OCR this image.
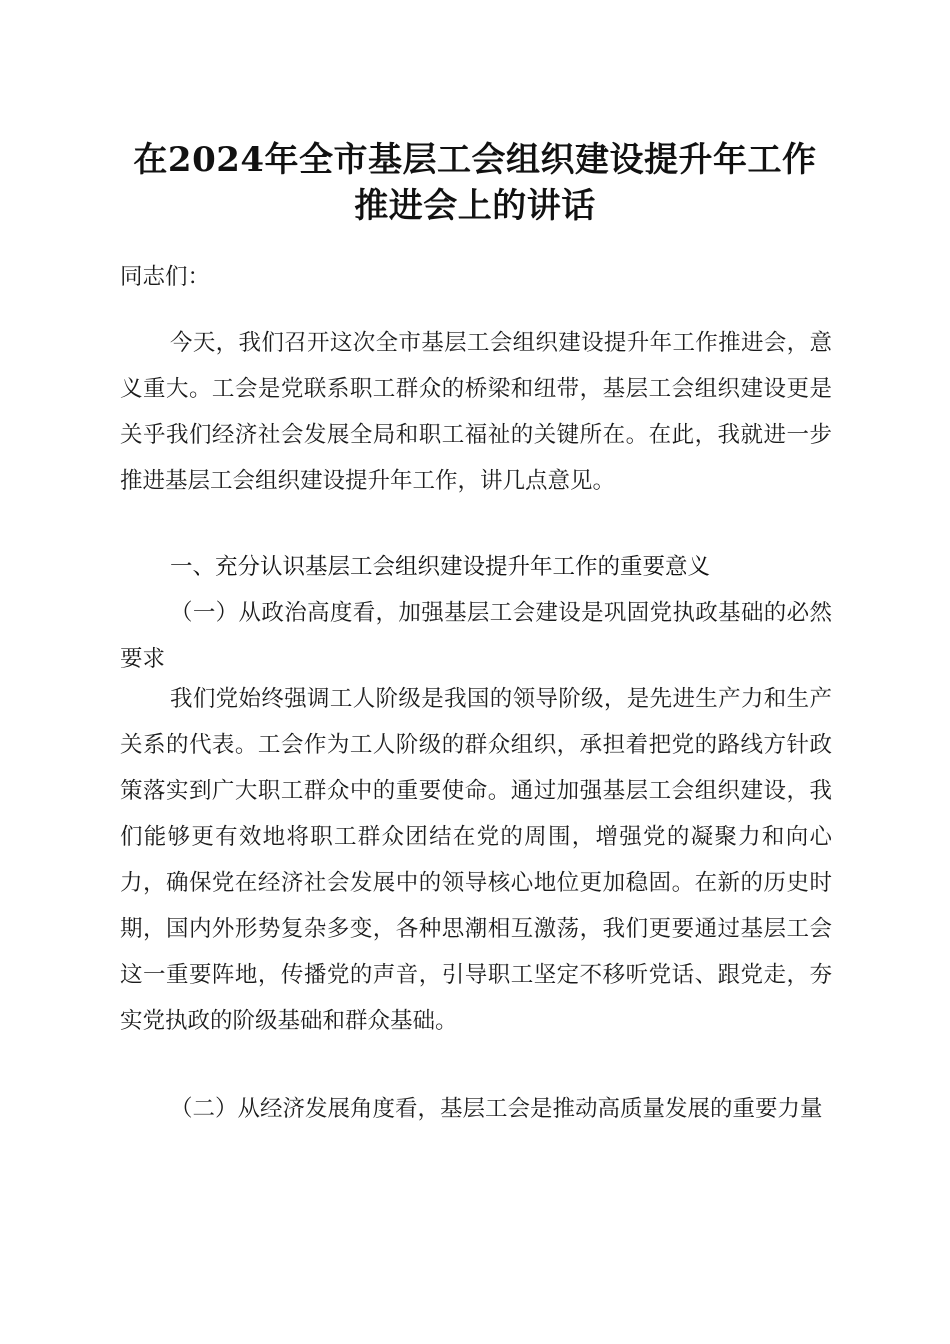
在2024年全市基层工会组织建设提升年工作
推进会上的讲话

同志们：

今天，我们召开这次全市基层工会组织建设提升年工作推进会，意义重大。工会是党联系职工群众的桥梁和纽带，基层工会组织建设更是关乎我们经济社会发展全局和职工福祉的关键所在。在此，我就进一步推进基层工会组织建设提升年工作，讲几点意见。

一、充分认识基层工会组织建设提升年工作的重要意义

（一）从政治高度看，加强基层工会建设是巩固党执政基础的必然要求

我们党始终强调工人阶级是我国的领导阶级，是先进生产力和生产关系的代表。工会作为工人阶级的群众组织，承担着把党的路线方针政策落实到广大职工群众中的重要使命。通过加强基层工会组织建设，我们能够更有效地将职工群众团结在党的周围，增强党的凝聚力和向心力，确保党在经济社会发展中的领导核心地位更加稳固。在新的历史时期，国内外形势复杂多变，各种思潮相互激荡，我们更要通过基层工会这一重要阵地，传播党的声音，引导职工坚定不移听党话、跟党走，夯实党执政的阶级基础和群众基础。

（二）从经济发展角度看，基层工会是推动高质量发展的重要力量
